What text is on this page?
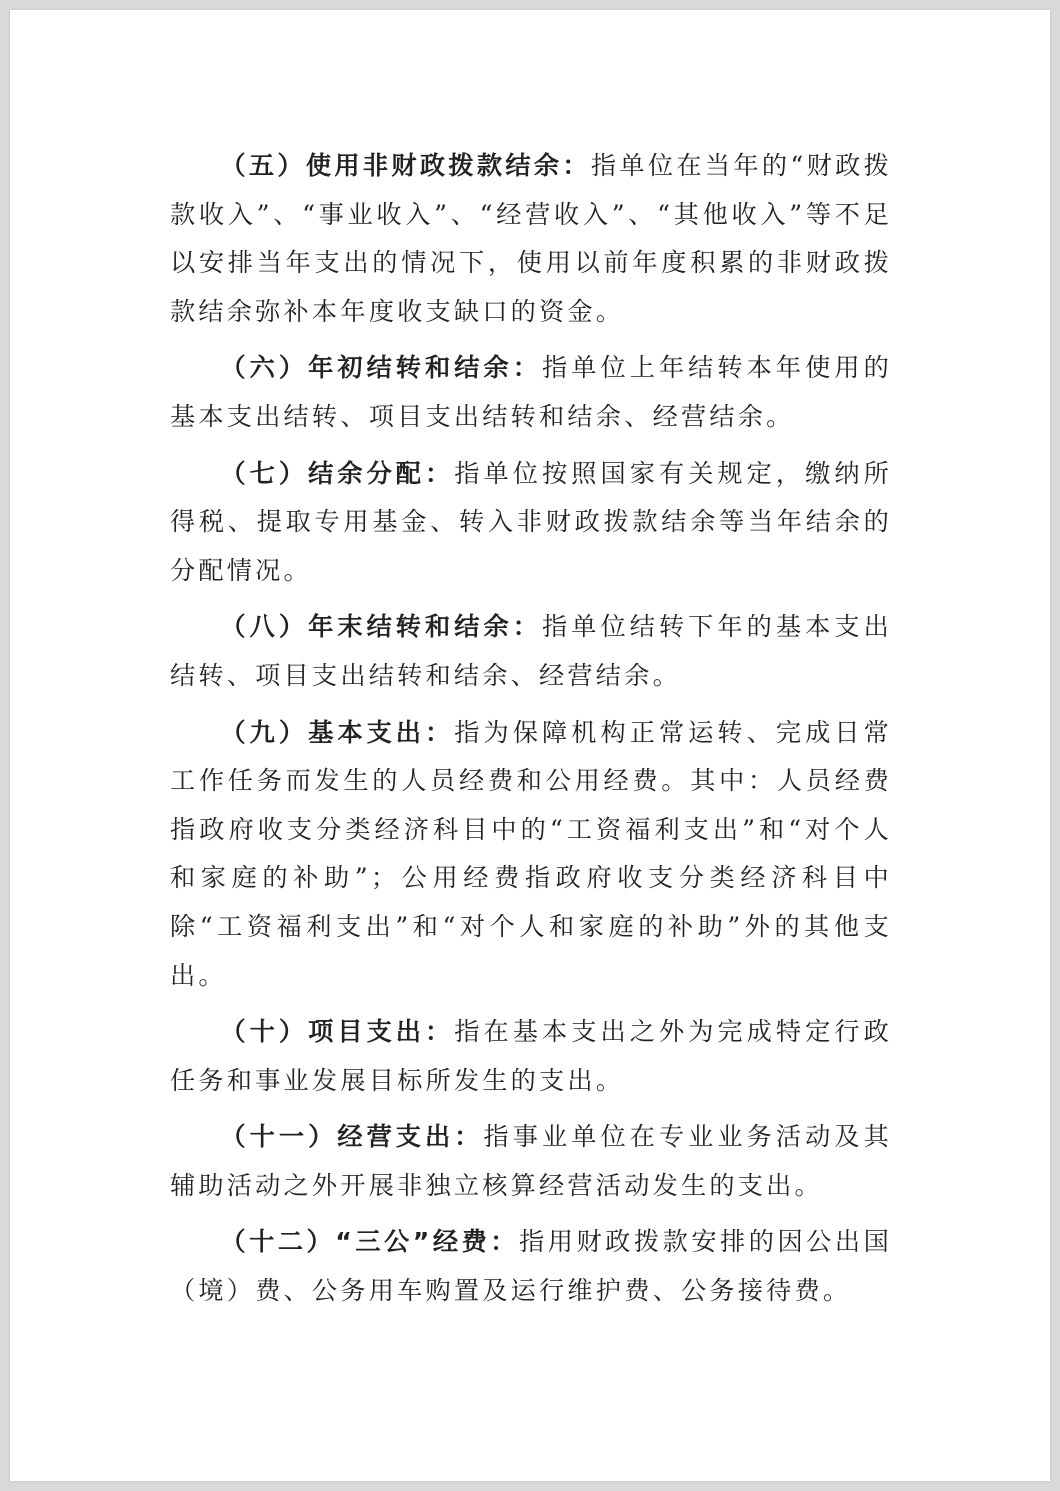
（五）使用非财政拨款结余：指单位在当年的“财政拨款收入”、“事业收入”、“经营收入”、“其他收入”等不足以安排当年支出的情况下，使用以前年度积累的非财政拨款结余弥补本年度收支缺口的资金。

（六）年初结转和结余：指单位上年结转本年使用的基本支出结转、项目支出结转和结余、经营结余。

（七）结余分配：指单位按照国家有关规定，缴纳所得税、提取专用基金、转入非财政拨款结余等当年结余的分配情况。

（八）年末结转和结余：指单位结转下年的基本支出结转、项目支出结转和结余、经营结余。

（九）基本支出：指为保障机构正常运转、完成日常工作任务而发生的人员经费和公用经费。其中：人员经费指政府收支分类经济科目中的“工资福利支出”和“对个人和家庭的补助”；公用经费指政府收支分类经济科目中除“工资福利支出”和“对个人和家庭的补助”外的其他支出。

（十）项目支出：指在基本支出之外为完成特定行政任务和事业发展目标所发生的支出。

（十一）经营支出：指事业单位在专业业务活动及其辅助活动之外开展非独立核算经营活动发生的支出。

（十二）“三公”经费：指用财政拨款安排的因公出国（境）费、公务用车购置及运行维护费、公务接待费。
